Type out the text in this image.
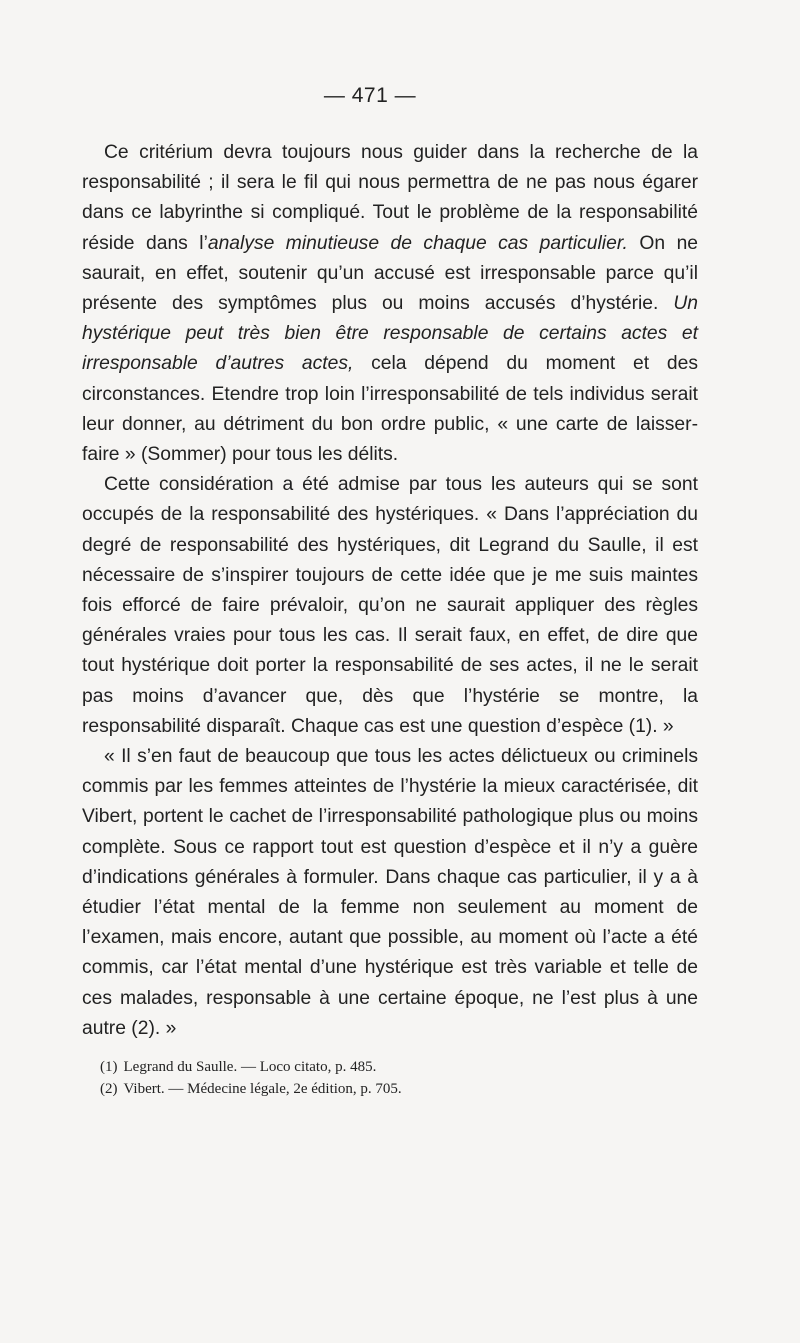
— 471 —

Ce critérium devra toujours nous guider dans la recherche de la responsabilité ; il sera le fil qui nous permettra de ne pas nous égarer dans ce labyrinthe si compliqué. Tout le problème de la responsabilité réside dans l’analyse minutieuse de chaque cas particulier. On ne saurait, en effet, soutenir qu’un accusé est irresponsable parce qu’il présente des symptômes plus ou moins accusés d’hystérie. Un hystérique peut très bien être responsable de certains actes et irresponsable d’autres actes, cela dépend du moment et des circonstances. Etendre trop loin l’irresponsabilité de tels individus serait leur donner, au détriment du bon ordre public, « une carte de laisser-faire » (Sommer) pour tous les délits.

Cette considération a été admise par tous les auteurs qui se sont occupés de la responsabilité des hystériques. « Dans l’appréciation du degré de responsabilité des hystériques, dit Legrand du Saulle, il est nécessaire de s’inspirer toujours de cette idée que je me suis maintes fois efforcé de faire prévaloir, qu’on ne saurait appliquer des règles générales vraies pour tous les cas. Il serait faux, en effet, de dire que tout hystérique doit porter la responsabilité de ses actes, il ne le serait pas moins d’avancer que, dès que l’hystérie se montre, la responsabilité disparaît. Chaque cas est une question d’espèce (1). »

« Il s’en faut de beaucoup que tous les actes délictueux ou criminels commis par les femmes atteintes de l’hystérie la mieux caractérisée, dit Vibert, portent le cachet de l’irresponsabilité pathologique plus ou moins complète. Sous ce rapport tout est question d’espèce et il n’y a guère d’indications générales à formuler. Dans chaque cas particulier, il y a à étudier l’état mental de la femme non seulement au moment de l’examen, mais encore, autant que possible, au moment où l’acte a été commis, car l’état mental d’une hystérique est très variable et telle de ces malades, responsable à une certaine époque, ne l’est plus à une autre (2). »

(1) Legrand du Saulle. — Loco citato, p. 485.

(2) Vibert. — Médecine légale, 2e édition, p. 705.
